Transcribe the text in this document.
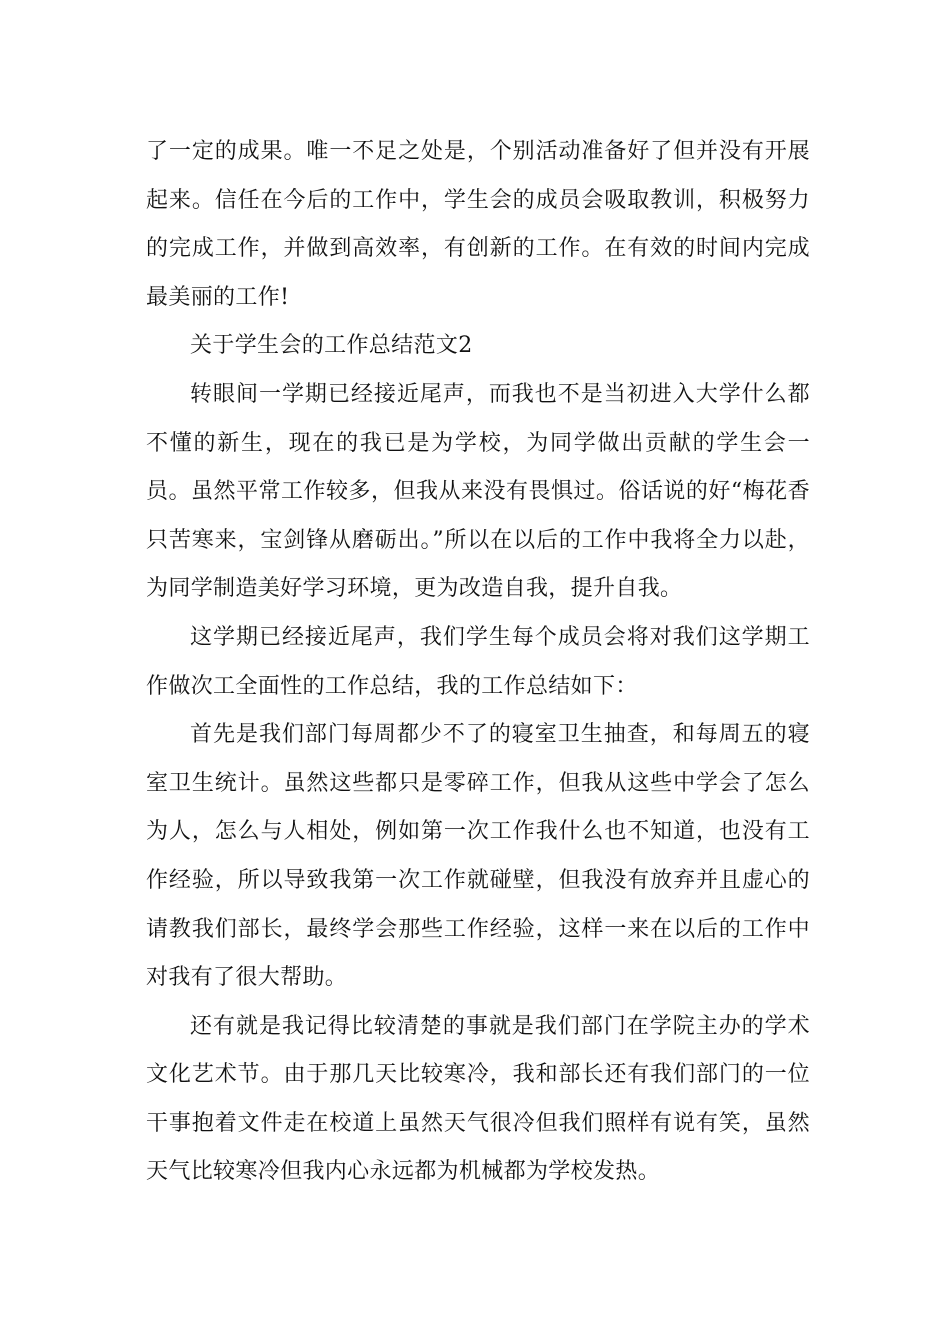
了一定的成果。唯一不足之处是，个别活动准备好了但并没有开展起来。信任在今后的工作中，学生会的成员会吸取教训，积极努力的完成工作，并做到高效率，有创新的工作。在有效的时间内完成最美丽的工作!

关于学生会的工作总结范文2

转眼间一学期已经接近尾声，而我也不是当初进入大学什么都不懂的新生，现在的我已是为学校，为同学做出贡献的学生会一员。虽然平常工作较多，但我从来没有畏惧过。俗话说的好“梅花香只苦寒来，宝剑锋从磨砺出。”所以在以后的工作中我将全力以赴，为同学制造美好学习环境，更为改造自我，提升自我。

这学期已经接近尾声，我们学生每个成员会将对我们这学期工作做次工全面性的工作总结，我的工作总结如下：

首先是我们部门每周都少不了的寝室卫生抽查，和每周五的寝室卫生统计。虽然这些都只是零碎工作，但我从这些中学会了怎么为人，怎么与人相处，例如第一次工作我什么也不知道，也没有工作经验，所以导致我第一次工作就碰壁，但我没有放弃并且虚心的请教我们部长，最终学会那些工作经验，这样一来在以后的工作中对我有了很大帮助。

还有就是我记得比较清楚的事就是我们部门在学院主办的学术文化艺术节。由于那几天比较寒冷，我和部长还有我们部门的一位干事抱着文件走在校道上虽然天气很冷但我们照样有说有笑，虽然天气比较寒冷但我内心永远都为机械都为学校发热。
